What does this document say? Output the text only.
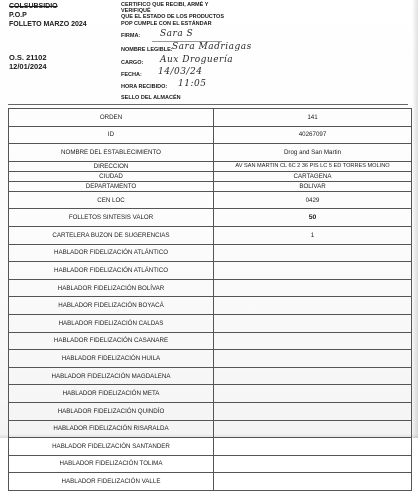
COLSUBSIDIO
P.O.P
FOLLETO MARZO 2024
O.S. 21102
12/01/2024
CERTIFICO QUE RECIBI, ARMÉ Y
VERIFIQUÉ
QUE EL ESTADO DE LOS PRODUCTOS
POP CUMPLE CON EL ESTÁNDAR
FIRMA: Sara S
NOMBRE LEGIBLE: Sara Madriagas
CARGO: Aux Droguería
FECHA: 14/03/24
HORA RECIBIDO: 11:05
SELLO DEL ALMACÉN
ORDEN	141
ID	40267097
NOMBRE DEL ESTABLECIMIENTO	Drog and San Martin
DIRECCION	AV SAN MARTIN CL 6C 2 36 PIS LC 5 ED TORRES MOLINO
CIUDAD	CARTAGENA
DEPARTAMENTO	BOLIVAR
CEN LOC	0429
FOLLETOS SINTESIS VALOR	50
CARTELERA BUZON DE SUGERENCIAS	1
HABLADOR FIDELIZACIÓN ATLÁNTICO	
HABLADOR FIDELIZACIÓN ATLÁNTICO	
HABLADOR FIDELIZACIÓN BOLÍVAR	
HABLADOR FIDELIZACIÓN BOYACÁ	
HABLADOR FIDELIZACIÓN CALDAS	
HABLADOR FIDELIZACIÓN CASANARE	
HABLADOR FIDELIZACIÓN HUILA	
HABLADOR FIDELIZACIÓN MAGDALENA	
HABLADOR FIDELIZACIÓN META	
HABLADOR FIDELIZACIÓN QUINDÍO	
HABLADOR FIDELIZACIÓN RISARALDA	
HABLADOR FIDELIZACIÓN SANTANDER	
HABLADOR FIDELIZACIÓN TOLIMA	
HABLADOR FIDELIZACIÓN VALLE	
